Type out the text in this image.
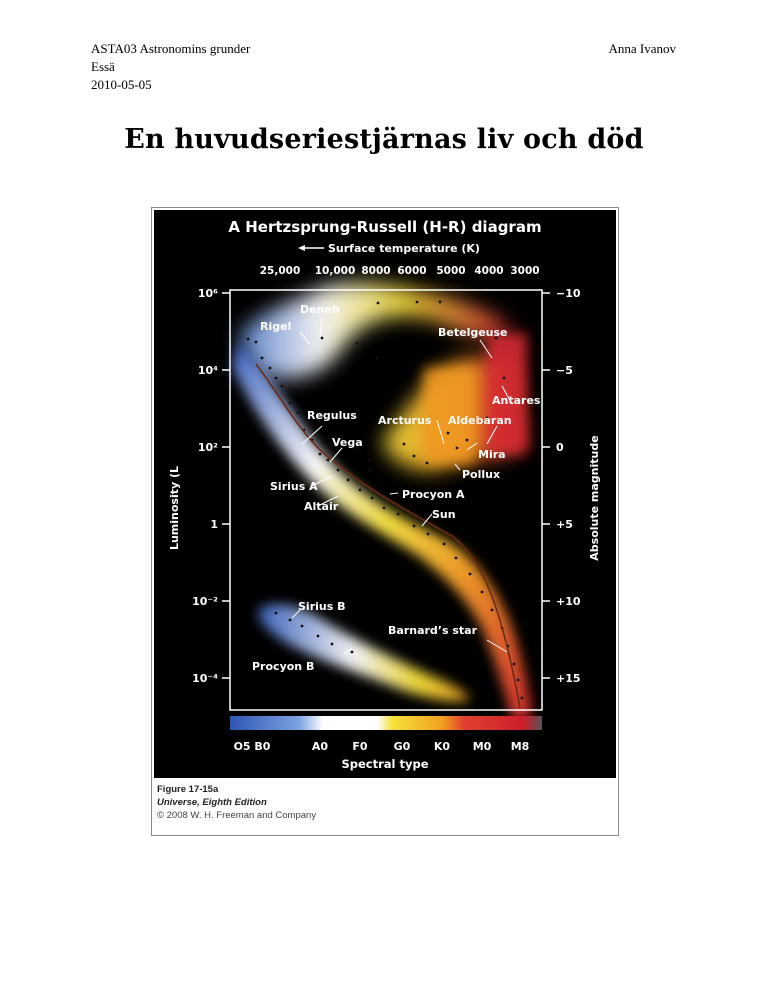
ASTA03 Astronomins grunder
Essä
2010-05-05
Anna Ivanov
En huvudseriestjärnas liv och död
A Hertzsprung-Russell (H-R) diagram
Surface temperature (K)
25,000 10,000 8000 6000 5000 4000 3000
10⁶
10⁴
10²
1
10⁻²
10⁻⁴
−10
−5
0
+5
+10
+15
Luminosity (L	Absolute magnitude
O5 B0	A0 F0 G0 K0 M0 M8
Spectral type
Deneb
Rigel	Betelgeuse
Antares
Regulus Arcturus Aldebaran
Vega
Mira
Pollux
Sirius A
Procyon A
Altair
Sun
Sirius B
Barnard’s star
Procyon B
Figure 17-15a
Universe, Eighth Edition
© 2008 W. H. Freeman and Company
